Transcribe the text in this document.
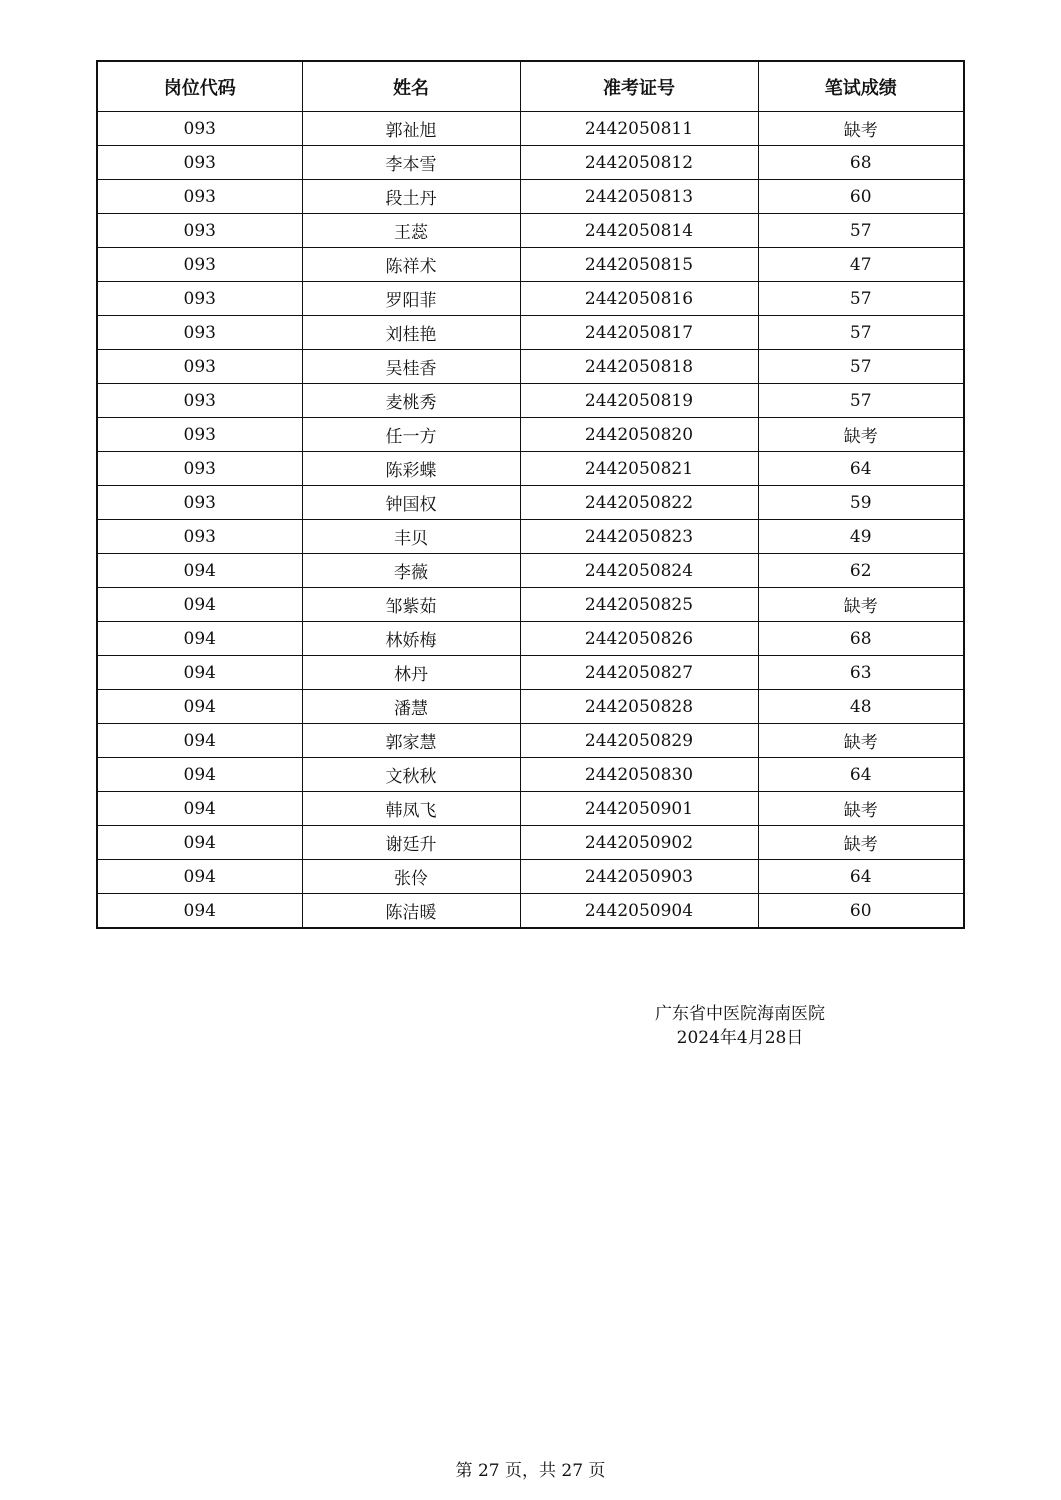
岗位代码	姓名	准考证号	笔试成绩
093	郭祉旭	2442050811	缺考
093	李本雪	2442050812	68
093	段土丹	2442050813	60
093	王蕊	2442050814	57
093	陈祥术	2442050815	47
093	罗阳菲	2442050816	57
093	刘桂艳	2442050817	57
093	吴桂香	2442050818	57
093	麦桃秀	2442050819	57
093	任一方	2442050820	缺考
093	陈彩蝶	2442050821	64
093	钟国权	2442050822	59
093	丰贝	2442050823	49
094	李薇	2442050824	62
094	邹紫茹	2442050825	缺考
094	林娇梅	2442050826	68
094	林丹	2442050827	63
094	潘慧	2442050828	48
094	郭家慧	2442050829	缺考
094	文秋秋	2442050830	64
094	韩凤飞	2442050901	缺考
094	谢廷升	2442050902	缺考
094	张伶	2442050903	64
094	陈洁暖	2442050904	60
广东省中医院海南医院
2024年4月28日
第 27 页，共 27 页
